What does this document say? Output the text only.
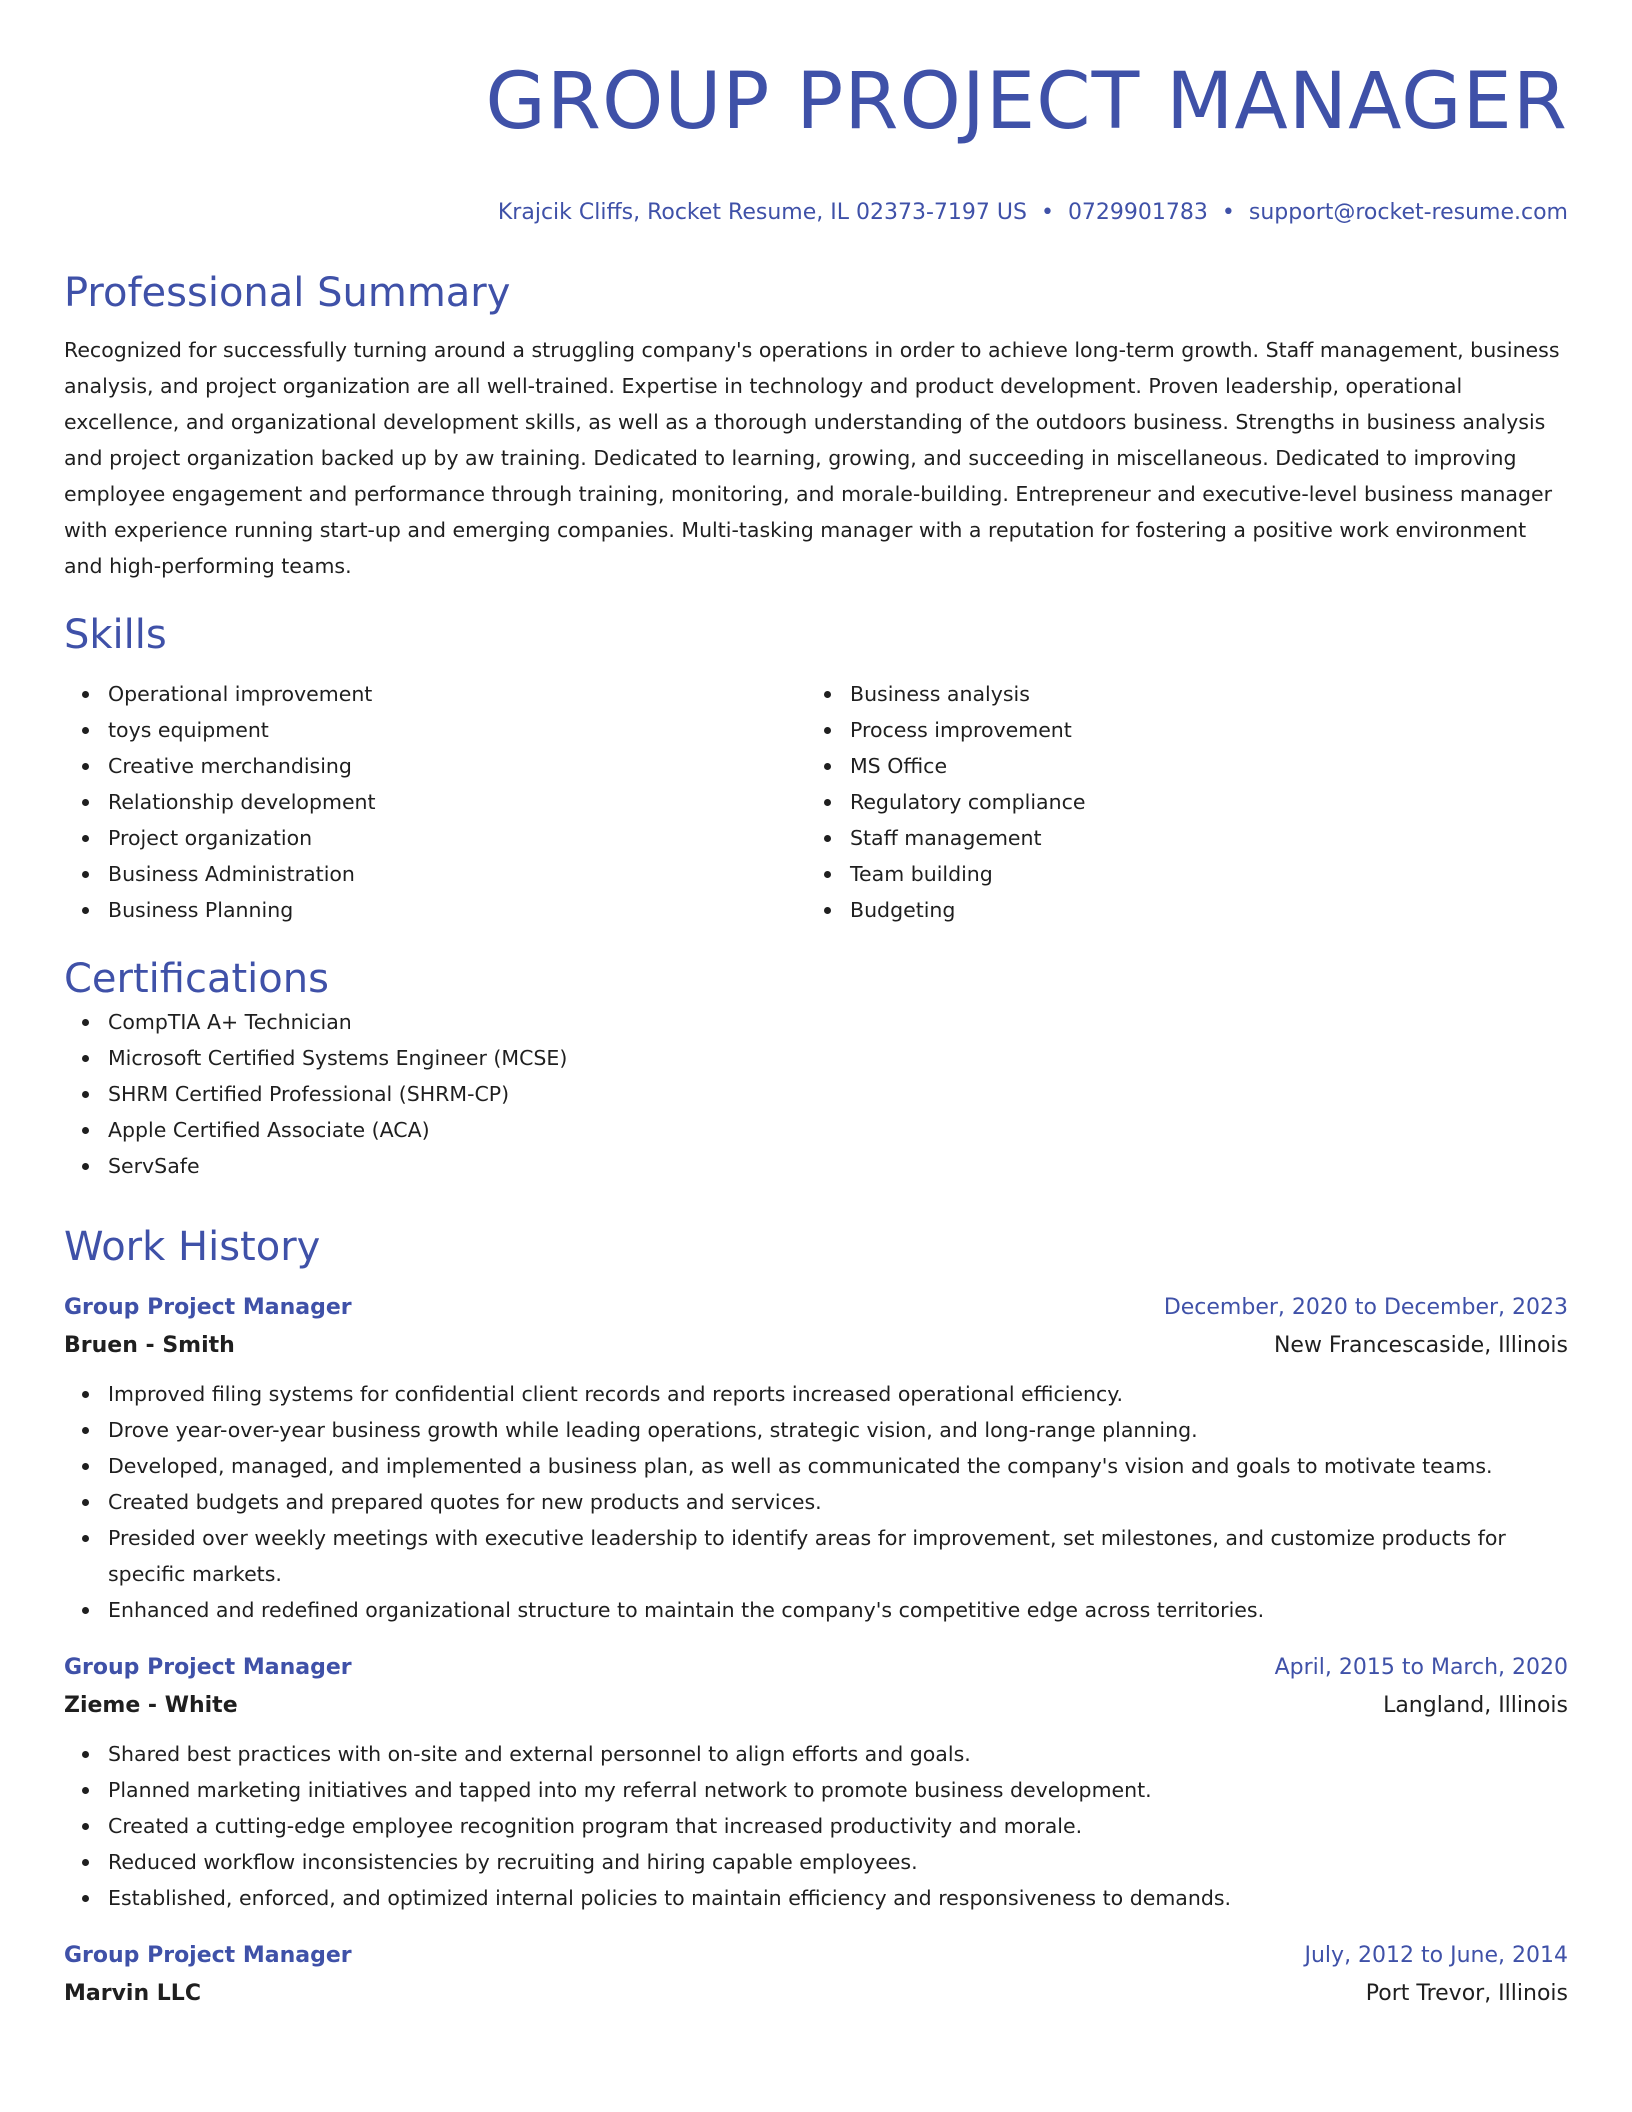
GROUP PROJECT MANAGER
Krajcik Cliffs, Rocket Resume, IL 02373-7197 US • 0729901783 • support@rocket-resume.com
Professional Summary
Recognized for successfully turning around a struggling company's operations in order to achieve long-term growth. Staff management, business analysis, and project organization are all well-trained. Expertise in technology and product development. Proven leadership, operational excellence, and organizational development skills, as well as a thorough understanding of the outdoors business. Strengths in business analysis and project organization backed up by aw training. Dedicated to learning, growing, and succeeding in miscellaneous. Dedicated to improving employee engagement and performance through training, monitoring, and morale-building. Entrepreneur and executive-level business manager with experience running start-up and emerging companies. Multi-tasking manager with a reputation for fostering a positive work environment and high-performing teams.
Skills
Operational improvement
toys equipment
Creative merchandising
Relationship development
Project organization
Business Administration
Business Planning
Business analysis
Process improvement
MS Office
Regulatory compliance
Staff management
Team building
Budgeting
Certifications
CompTIA A+ Technician
Microsoft Certified Systems Engineer (MCSE)
SHRM Certified Professional (SHRM-CP)
Apple Certified Associate (ACA)
ServSafe
Work History
Group Project Manager	December, 2020 to December, 2023
Bruen - Smith	New Francescaside, Illinois
Improved filing systems for confidential client records and reports increased operational efficiency.
Drove year-over-year business growth while leading operations, strategic vision, and long-range planning.
Developed, managed, and implemented a business plan, as well as communicated the company's vision and goals to motivate teams.
Created budgets and prepared quotes for new products and services.
Presided over weekly meetings with executive leadership to identify areas for improvement, set milestones, and customize products for specific markets.
Enhanced and redefined organizational structure to maintain the company's competitive edge across territories.
Group Project Manager	April, 2015 to March, 2020
Zieme - White	Langland, Illinois
Shared best practices with on-site and external personnel to align efforts and goals.
Planned marketing initiatives and tapped into my referral network to promote business development.
Created a cutting-edge employee recognition program that increased productivity and morale.
Reduced workflow inconsistencies by recruiting and hiring capable employees.
Established, enforced, and optimized internal policies to maintain efficiency and responsiveness to demands.
Group Project Manager	July, 2012 to June, 2014
Marvin LLC	Port Trevor, Illinois
